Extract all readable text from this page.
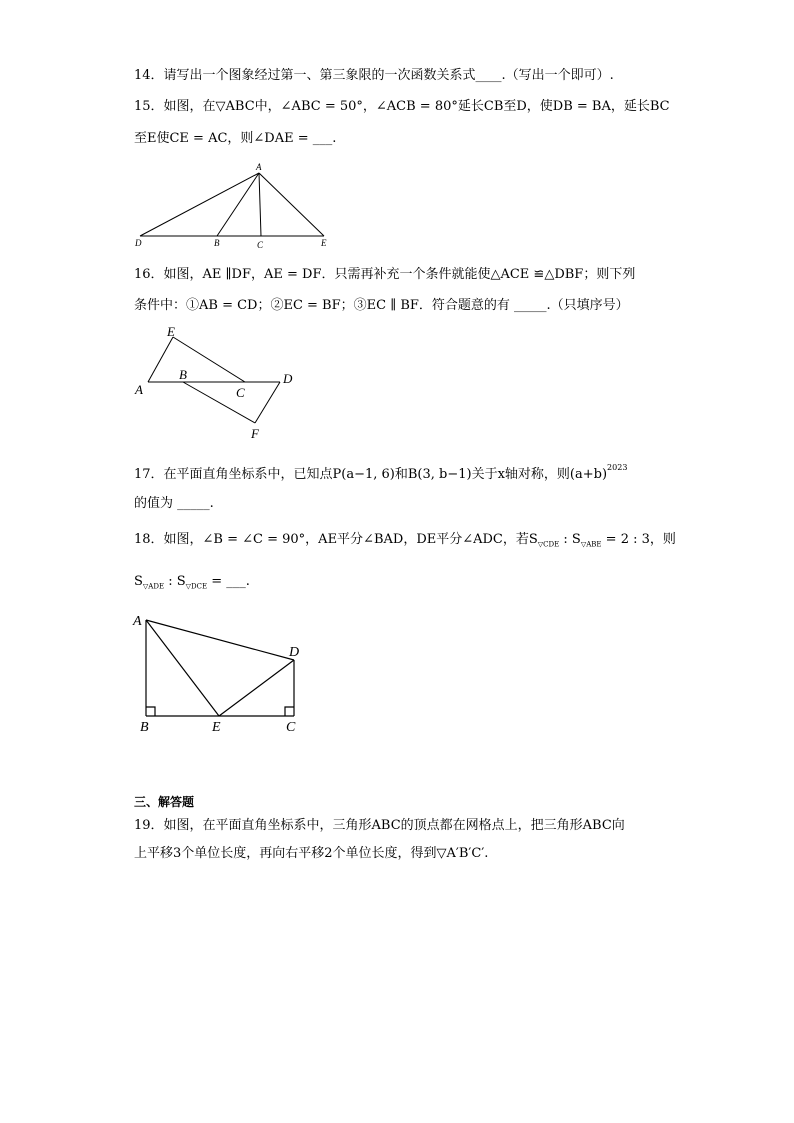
14．请写出一个图象经过第一、第三象限的一次函数关系式____.（写出一个即可）.
15．如图，在▽ABC中，∠ABC = 50°，∠ACB = 80°延长CB至D，使DB = BA，延长BC
至E使CE = AC，则∠DAE = ___.
A
D	B	C	E
16．如图，AE ∥DF，AE = DF．只需再补充一个条件就能使△ACE ≌△DBF；则下列
条件中：①AB = CD；②EC = BF；③EC ∥ BF．符合题意的有 _____.（只填序号）
E
A
B
C
D
F
17．在平面直角坐标系中，已知点P(a−1, 6)和B(3, b−1)关于x轴对称，则$(a+b)^{2023}$
的值为 _____.
18．如图，∠B = ∠C = 90°，AE平分∠BAD，DE平分∠ADC，若$S_{▽CDE}$ : $S_{▽ABE} = 2$ : 3，则
$S_{▽ADE}$ : $S_{▽DCE}$ = ___.
A
D
B	E	C
三、解答题
19．如图，在平面直角坐标系中，三角形ABC的顶点都在网格点上，把三角形ABC向
上平移3个单位长度，再向右平移2个单位长度，得到▽A′B′C′.
